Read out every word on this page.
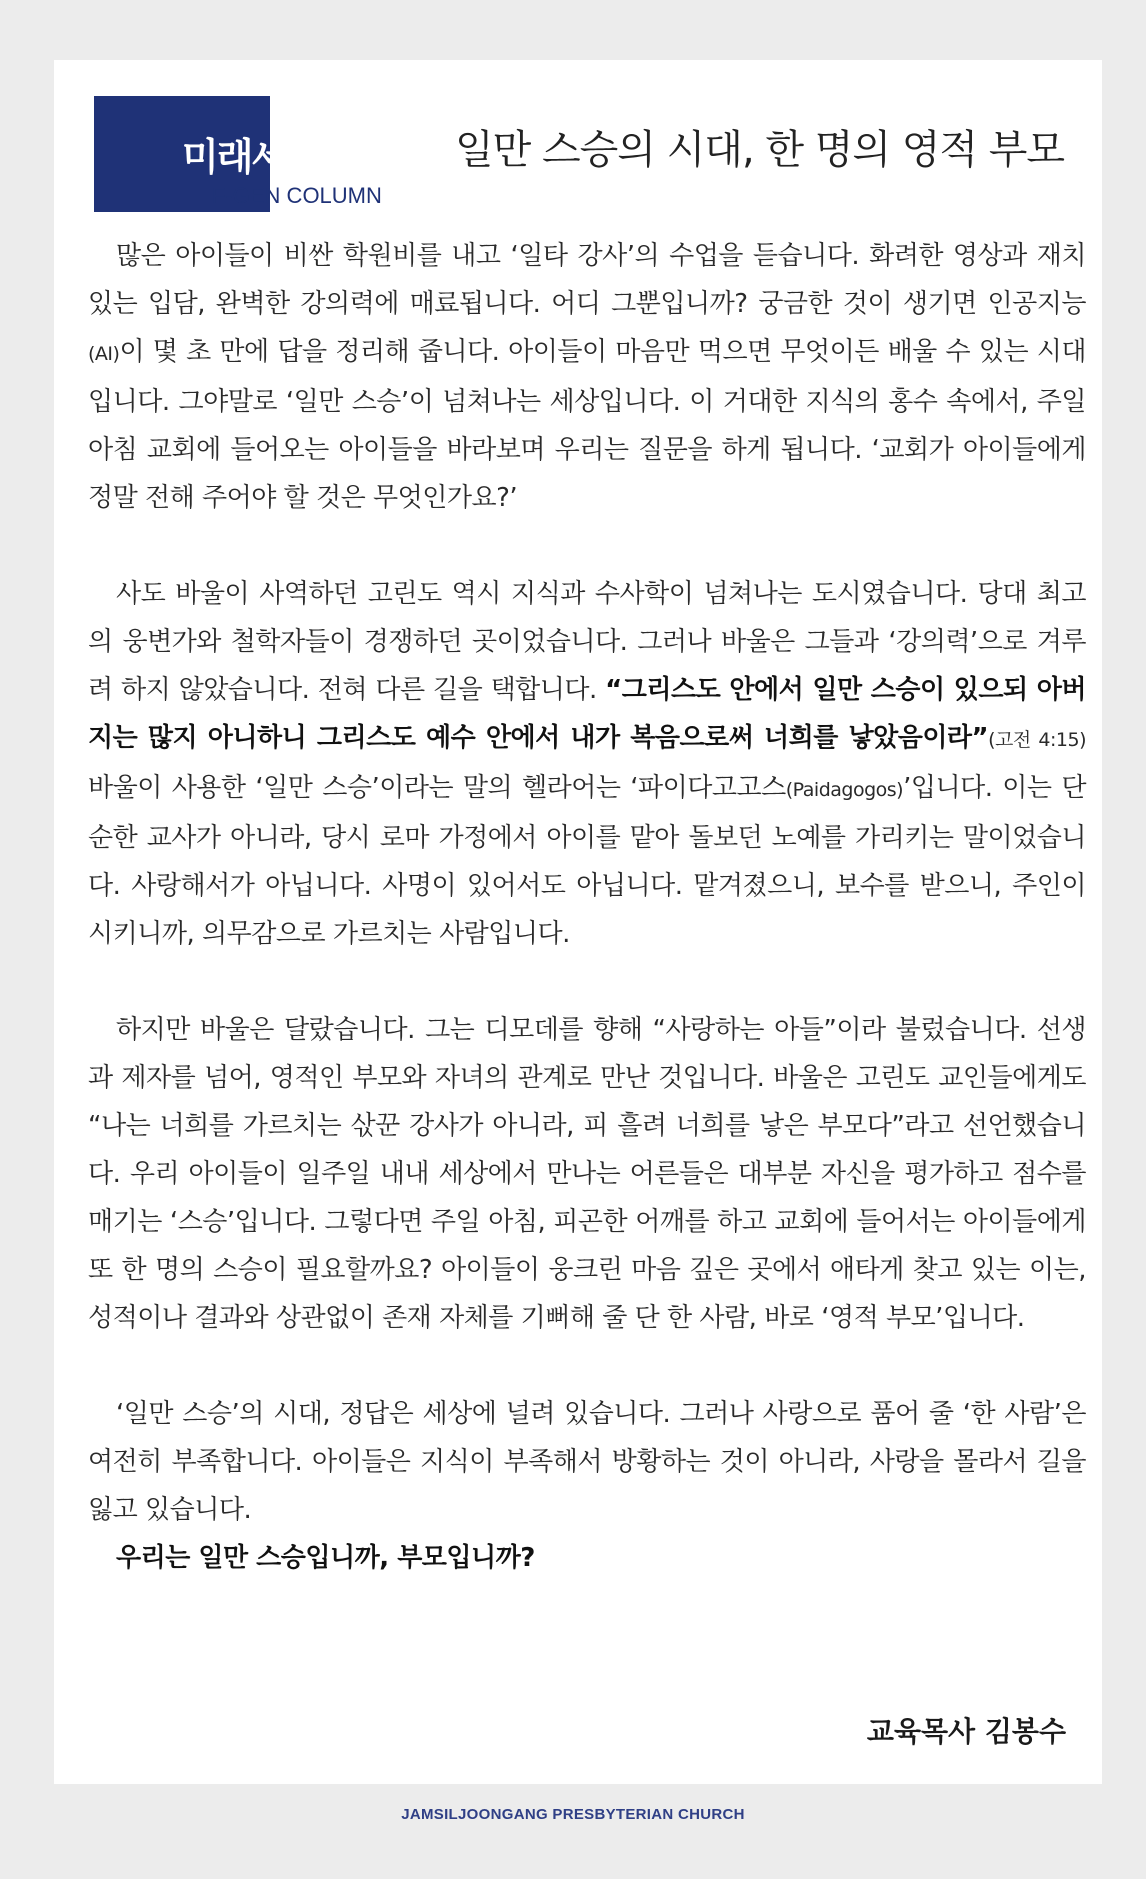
미래세대칼럼
F-GEN COLUMN
일만 스승의 시대, 한 명의 영적 부모

많은 아이들이 비싼 학원비를 내고 ‘일타 강사’의 수업을 듣습니다. 화려한 영상과 재치 있는 입담, 완벽한 강의력에 매료됩니다. 어디 그뿐입니까? 궁금한 것이 생기면 인공지능(AI)이 몇 초 만에 답을 정리해 줍니다. 아이들이 마음만 먹으면 무엇이든 배울 수 있는 시대입니다. 그야말로 ‘일만 스승’이 넘쳐나는 세상입니다. 이 거대한 지식의 홍수 속에서, 주일 아침 교회에 들어오는 아이들을 바라보며 우리는 질문을 하게 됩니다. ‘교회가 아이들에게 정말 전해 주어야 할 것은 무엇인가요?’

사도 바울이 사역하던 고린도 역시 지식과 수사학이 넘쳐나는 도시였습니다. 당대 최고의 웅변가와 철학자들이 경쟁하던 곳이었습니다. 그러나 바울은 그들과 ‘강의력’으로 겨루려 하지 않았습니다. 전혀 다른 길을 택합니다. “그리스도 안에서 일만 스승이 있으되 아버지는 많지 아니하니 그리스도 예수 안에서 내가 복음으로써 너희를 낳았음이라”(고전 4:15) 바울이 사용한 ‘일만 스승’이라는 말의 헬라어는 ‘파이다고고스(Paidagogos)’입니다. 이는 단순한 교사가 아니라, 당시 로마 가정에서 아이를 맡아 돌보던 노예를 가리키는 말이었습니다. 사랑해서가 아닙니다. 사명이 있어서도 아닙니다. 맡겨졌으니, 보수를 받으니, 주인이 시키니까, 의무감으로 가르치는 사람입니다.

하지만 바울은 달랐습니다. 그는 디모데를 향해 “사랑하는 아들”이라 불렀습니다. 선생과 제자를 넘어, 영적인 부모와 자녀의 관계로 만난 것입니다. 바울은 고린도 교인들에게도 “나는 너희를 가르치는 삯꾼 강사가 아니라, 피 흘려 너희를 낳은 부모다”라고 선언했습니다. 우리 아이들이 일주일 내내 세상에서 만나는 어른들은 대부분 자신을 평가하고 점수를 매기는 ‘스승’입니다. 그렇다면 주일 아침, 피곤한 어깨를 하고 교회에 들어서는 아이들에게 또 한 명의 스승이 필요할까요? 아이들이 웅크린 마음 깊은 곳에서 애타게 찾고 있는 이는, 성적이나 결과와 상관없이 존재 자체를 기뻐해 줄 단 한 사람, 바로 ‘영적 부모’입니다.

‘일만 스승’의 시대, 정답은 세상에 널려 있습니다. 그러나 사랑으로 품어 줄 ‘한 사람’은 여전히 부족합니다. 아이들은 지식이 부족해서 방황하는 것이 아니라, 사랑을 몰라서 길을 잃고 있습니다.

우리는 일만 스승입니까, 부모입니까?

교육목사 김봉수
JAMSILJOONGANG PRESBYTERIAN CHURCH
